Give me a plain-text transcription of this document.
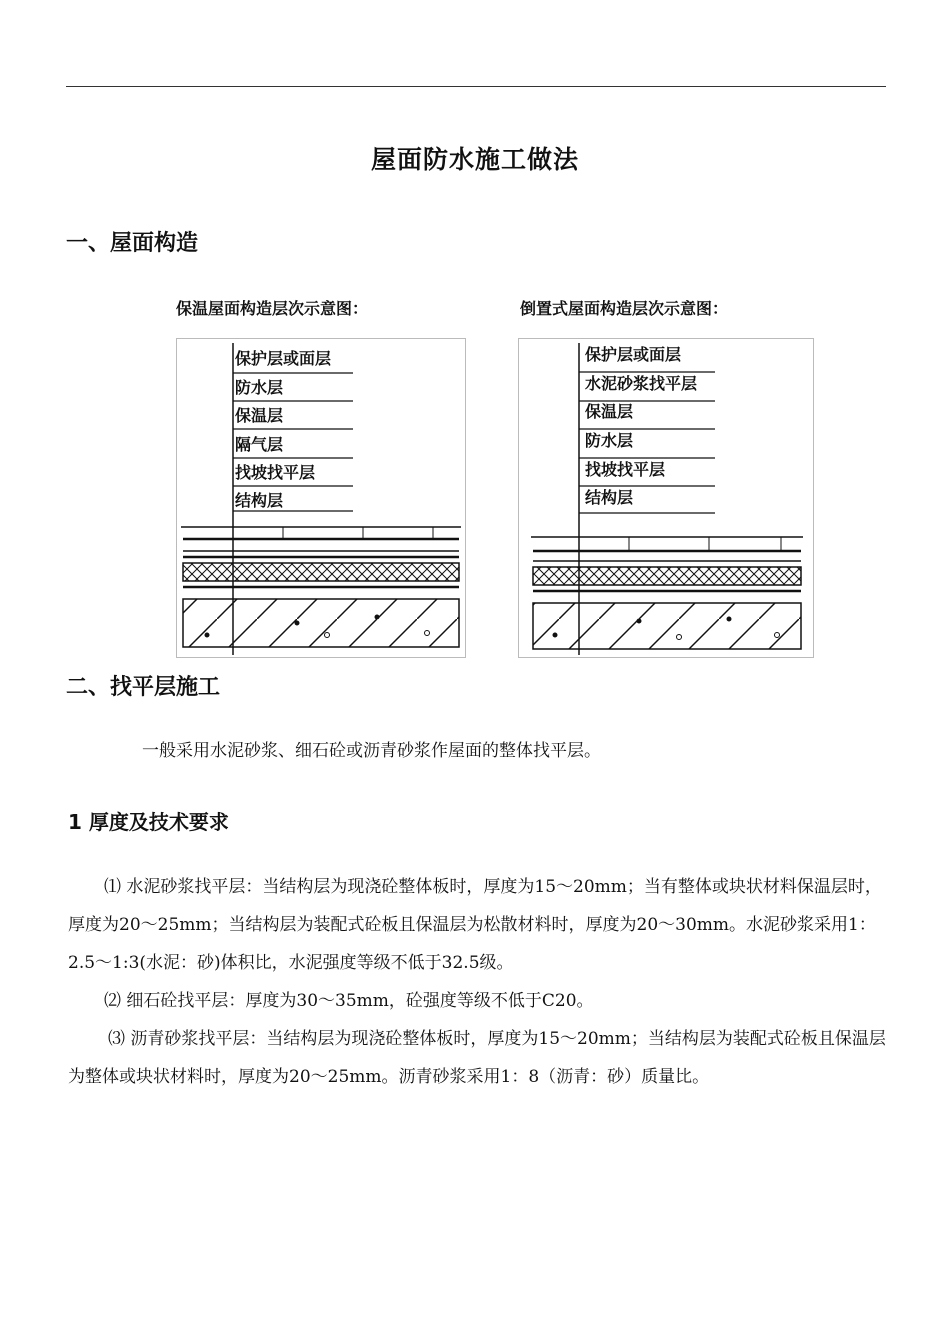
屋面防水施工做法
一、屋面构造
保温屋面构造层次示意图：	倒置式屋面构造层次示意图：
保护层或面层
防水层
保温层
隔气层
找坡找平层
结构层
保护层或面层
水泥砂浆找平层
保温层
防水层
找坡找平层
结构层
二、找平层施工

一般采用水泥砂浆、细石砼或沥青砂浆作屋面的整体找平层。

1 厚度及技术要求

⑴ 水泥砂浆找平层：当结构层为现浇砼整体板时，厚度为15～20mm；当有整体或块状材料保温层时，厚度为20～25mm；当结构层为装配式砼板且保温层为松散材料时，厚度为20～30mm。水泥砂浆采用1：2.5～1:3(水泥：砂)体积比，水泥强度等级不低于32.5级。

⑵ 细石砼找平层：厚度为30～35mm，砼强度等级不低于C20。

⑶ 沥青砂浆找平层：当结构层为现浇砼整体板时，厚度为15～20mm；当结构层为装配式砼板且保温层为整体或块状材料时，厚度为20～25mm。沥青砂浆采用1：8（沥青：砂）质量比。
